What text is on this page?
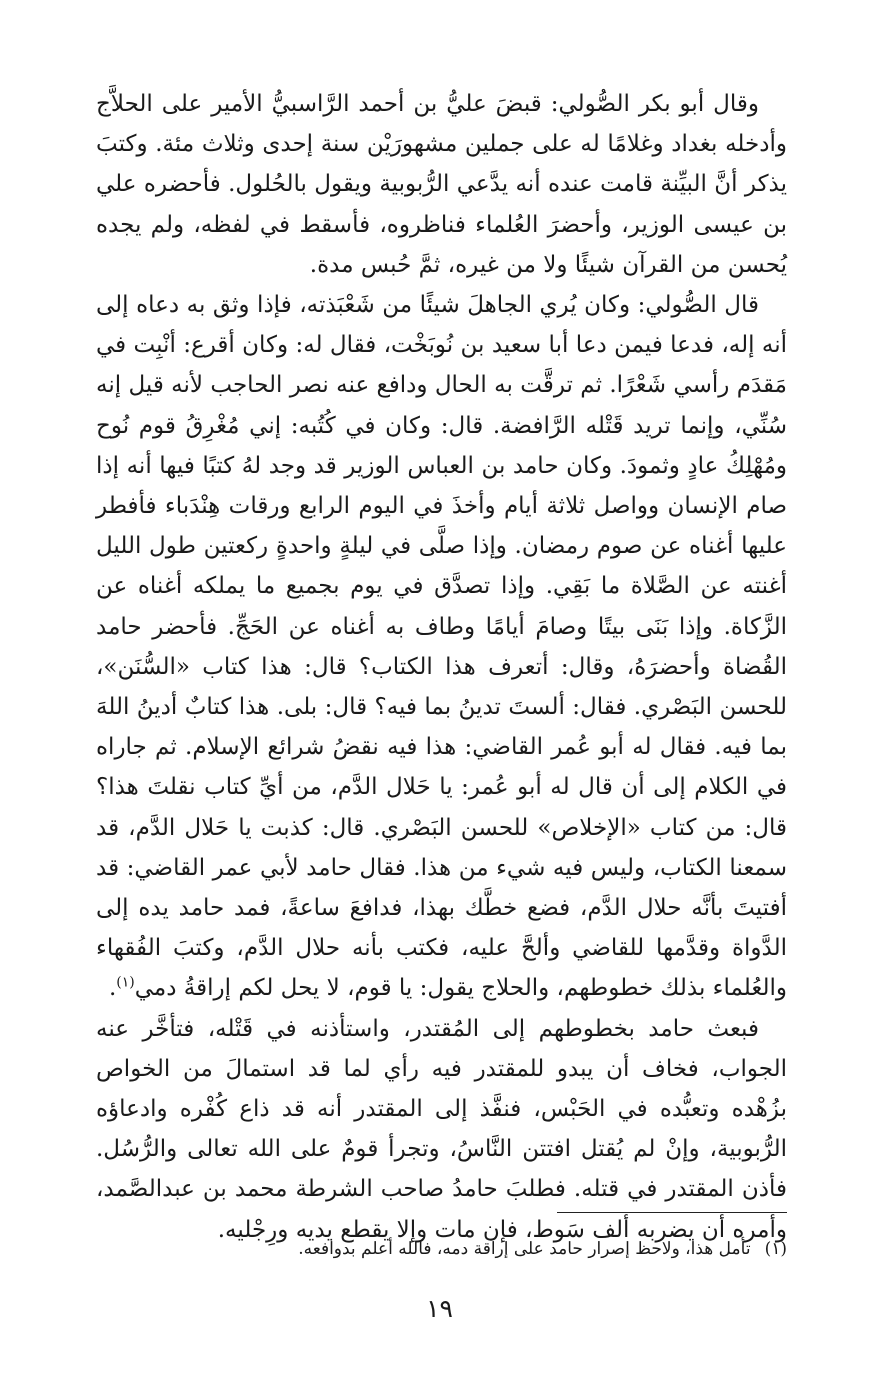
وقال أبو بكر الصُّولي: قبضَ عليُّ بن أحمد الرَّاسبيُّ الأمير على الحلاَّج وأدخله بغداد وغلامًا له على جملين مشهورَيْن سنة إحدى وثلاث مئة. وكتبَ يذكر أنَّ البيِّنة قامت عنده أنه يدَّعي الرُّبوبية ويقول بالحُلول. فأحضره علي بن عيسى الوزير، وأحضرَ العُلماء فناظروه، فأسقط في لفظه، ولم يجده يُحسن من القرآن شيئًا ولا من غيره، ثمَّ حُبس مدة.

قال الصُّولي: وكان يُري الجاهلَ شيئًا من شَعْبَذته، فإذا وثق به دعاه إلى أنه إله، فدعا فيمن دعا أبا سعيد بن نُوبَخْت، فقال له: وكان أقرع: أنْبِت في مَقدَم رأسي شَعْرًا. ثم ترقَّت به الحال ودافع عنه نصر الحاجب لأنه قيل إنه سُنِّي، وإنما تريد قَتْله الرَّافضة. قال: وكان في كُتُبه: إني مُغْرِقُ قوم نُوح ومُهْلِكُ عادٍ وثمودَ. وكان حامد بن العباس الوزير قد وجد لهُ كتبًا فيها أنه إذا صام الإنسان وواصل ثلاثة أيام وأخذَ في اليوم الرابع ورقات هِنْدَباء فأفطر عليها أغناه عن صوم رمضان. وإذا صلَّى في ليلةٍ واحدةٍ ركعتين طول الليل أغنته عن الصَّلاة ما بَقِي. وإذا تصدَّق في يوم بجميع ما يملكه أغناه عن الزَّكاة. وإذا بَنَى بيتًا وصامَ أيامًا وطاف به أغناه عن الحَجِّ. فأحضر حامد القُضاة وأحضرَهُ، وقال: أتعرف هذا الكتاب؟ قال: هذا كتاب «السُّنَن»، للحسن البَصْري. فقال: ألستَ تدينُ بما فيه؟ قال: بلى. هذا كتابٌ أدينُ اللهَ بما فيه. فقال له أبو عُمر القاضي: هذا فيه نقضُ شرائع الإسلام. ثم جاراه في الكلام إلى أن قال له أبو عُمر: يا حَلال الدَّم، من أيِّ كتاب نقلتَ هذا؟ قال: من كتاب «الإخلاص» للحسن البَصْري. قال: كذبت يا حَلال الدَّم، قد سمعنا الكتاب، وليس فيه شيء من هذا. فقال حامد لأبي عمر القاضي: قد أفتيتَ بأنَّه حلال الدَّم، فضع خطَّك بهذا، فدافعَ ساعةً، فمد حامد يده إلى الدَّواة وقدَّمها للقاضي وألحَّ عليه، فكتب بأنه حلال الدَّم، وكتبَ الفُقهاء والعُلماء بذلك خطوطهم، والحلاج يقول: يا قوم، لا يحل لكم إراقةُ دمي$^{(١)}$.

فبعث حامد بخطوطهم إلى المُقتدر، واستأذنه في قَتْله، فتأخَّر عنه الجواب، فخاف أن يبدو للمقتدر فيه رأي لما قد استمالَ من الخواص بزُهْده وتعبُّده في الحَبْس، فنفَّذ إلى المقتدر أنه قد ذاع كُفْره وادعاؤه الرُّبوبية، وإنْ لم يُقتل افتتن النَّاسُ، وتجرأ قومٌ على الله تعالى والرُّسُل. فأذن المقتدر في قتله. فطلبَ حامدُ صاحب الشرطة محمد بن عبدالصَّمد، وأمره أن يضربه ألف سَوط، فإن مات وإلا يقطع يديه ورِجْليه.

(١)تأمل هذا، ولاحظ إصرار حامد على إراقة دمه، فالله أعلم بدوافعه.
١٩
